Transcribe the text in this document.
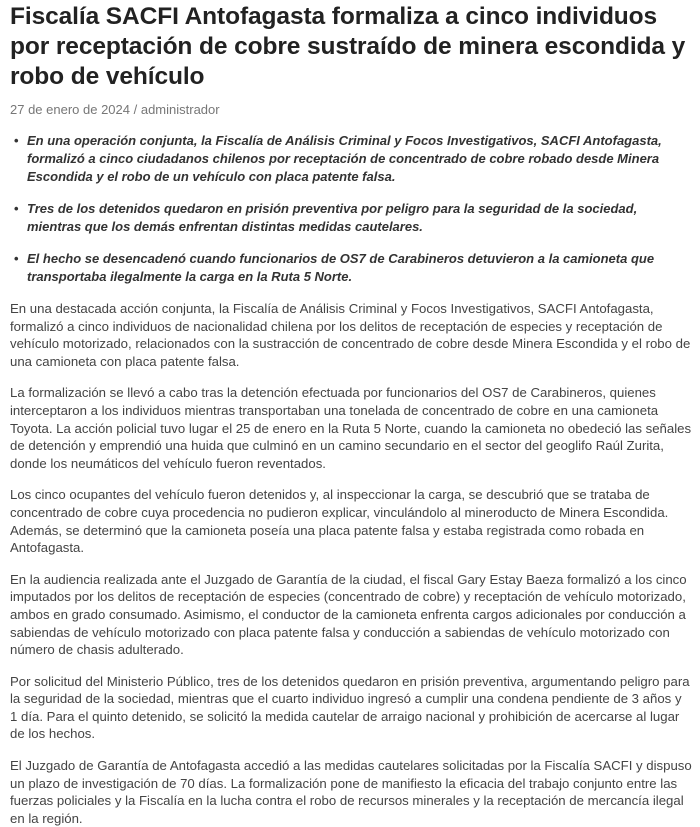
Fiscalía SACFI Antofagasta formaliza a cinco individuos por receptación de cobre sustraído de minera escondida y robo de vehículo
27 de enero de 2024 / administrador
• En una operación conjunta, la Fiscalía de Análisis Criminal y Focos Investigativos, SACFI Antofagasta, formalizó a cinco ciudadanos chilenos por receptación de concentrado de cobre robado desde Minera Escondida y el robo de un vehículo con placa patente falsa.
• Tres de los detenidos quedaron en prisión preventiva por peligro para la seguridad de la sociedad, mientras que los demás enfrentan distintas medidas cautelares.
• El hecho se desencadenó cuando funcionarios de OS7 de Carabineros detuvieron a la camioneta que transportaba ilegalmente la carga en la Ruta 5 Norte.

En una destacada acción conjunta, la Fiscalía de Análisis Criminal y Focos Investigativos, SACFI Antofagasta, formalizó a cinco individuos de nacionalidad chilena por los delitos de receptación de especies y receptación de vehículo motorizado, relacionados con la sustracción de concentrado de cobre desde Minera Escondida y el robo de una camioneta con placa patente falsa.

La formalización se llevó a cabo tras la detención efectuada por funcionarios del OS7 de Carabineros, quienes interceptaron a los individuos mientras transportaban una tonelada de concentrado de cobre en una camioneta Toyota. La acción policial tuvo lugar el 25 de enero en la Ruta 5 Norte, cuando la camioneta no obedeció las señales de detención y emprendió una huida que culminó en un camino secundario en el sector del geoglifo Raúl Zurita, donde los neumáticos del vehículo fueron reventados.

Los cinco ocupantes del vehículo fueron detenidos y, al inspeccionar la carga, se descubrió que se trataba de concentrado de cobre cuya procedencia no pudieron explicar, vinculándolo al mineroducto de Minera Escondida. Además, se determinó que la camioneta poseía una placa patente falsa y estaba registrada como robada en Antofagasta.

En la audiencia realizada ante el Juzgado de Garantía de la ciudad, el fiscal Gary Estay Baeza formalizó a los cinco imputados por los delitos de receptación de especies (concentrado de cobre) y receptación de vehículo motorizado, ambos en grado consumado. Asimismo, el conductor de la camioneta enfrenta cargos adicionales por conducción a sabiendas de vehículo motorizado con placa patente falsa y conducción a sabiendas de vehículo motorizado con número de chasis adulterado.

Por solicitud del Ministerio Público, tres de los detenidos quedaron en prisión preventiva, argumentando peligro para la seguridad de la sociedad, mientras que el cuarto individuo ingresó a cumplir una condena pendiente de 3 años y 1 día. Para el quinto detenido, se solicitó la medida cautelar de arraigo nacional y prohibición de acercarse al lugar de los hechos.

El Juzgado de Garantía de Antofagasta accedió a las medidas cautelares solicitadas por la Fiscalía SACFI y dispuso un plazo de investigación de 70 días. La formalización pone de manifiesto la eficacia del trabajo conjunto entre las fuerzas policiales y la Fiscalía en la lucha contra el robo de recursos minerales y la receptación de mercancía ilegal en la región.
